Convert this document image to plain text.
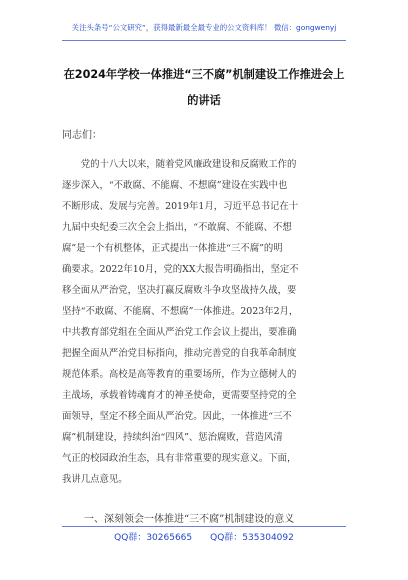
关注头条号“公文研究”，获得最新最全最专业的公文资料库！ 微信：gongwenyj
在2024年学校一体推进“三不腐”机制建设工作推进会上
的讲话
同志们：
　　党的十八大以来，随着党风廉政建设和反腐败工作的
逐步深入，“不敢腐、不能腐、不想腐”建设在实践中也
不断形成、发展与完善。2019年1月，习近平总书记在十
九届中央纪委三次全会上指出，“不敢腐、不能腐、不想
腐”是一个有机整体，正式提出一体推进“三不腐”的明
确要求。2022年10月，党的XX大报告明确指出，坚定不
移全面从严治党，坚决打赢反腐败斗争攻坚战持久战，要
坚持“不敢腐、不能腐、不想腐”一体推进。2023年2月，
中共教育部党组在全面从严治党工作会议上提出，要准确
把握全面从严治党目标指向，推动完善党的自我革命制度
规范体系。高校是高等教育的重要场所，作为立德树人的
主战场，承载着铸魂育才的神圣使命，更需要坚持党的全
面领导，坚定不移全面从严治党。因此，一体推进“三不
腐”机制建设，持续纠治“四风”、惩治腐败，营造风清
气正的校园政治生态，具有非常重要的现实意义。下面，
我讲几点意见。
一、深刻领会一体推进“三不腐”机制建设的意义
QQ群：30265665 QQ群：535304092
